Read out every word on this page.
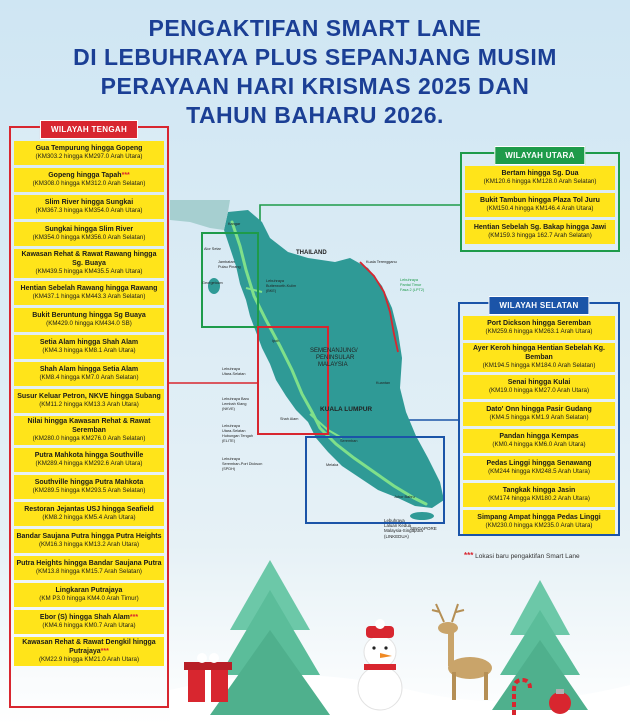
PENGAKTIFAN SMART LANE
DI LEBUHRAYA PLUS SEPANJANG MUSIM
PERAYAAN HARI KRISMAS 2025 DAN
TAHUN BAHARU 2026.
WILAYAH TENGAH
Gua Tempurung hingga Gopeng
(KM303.2 hingga KM297.0 Arah Utara)
Gopeng hingga Tapah***
(KM308.0 hingga KM312.0 Arah Selatan)
Slim River hingga Sungkai
(KM367.3 hingga KM354.0 Arah Utara)
Sungkai hingga Slim River
(KM354.0 hingga KM356.0 Arah Selatan)
Kawasan Rehat & Rawat Rawang hingga Sg. Buaya
(KM439.5 hingga KM435.5 Arah Utara)
Hentian Sebelah Rawang hingga Rawang
(KM437.1 hingga KM443.3 Arah Selatan)
Bukit Beruntung hingga Sg Buaya
(KM429.0 hingga KM434.0 SB)
Setia Alam hingga Shah Alam
(KM4.3 hingga KM8.1 Arah Utara)
Shah Alam hingga Setia Alam
(KM8.4 hingga KM7.0 Arah Selatan)
Susur Keluar Petron, NKVE hingga Subang
(KM11.2 hingga KM13.3 Arah Utara)
Nilai hingga Kawasan Rehat & Rawat Seremban
(KM280.0 hingga KM276.0 Arah Selatan)
Putra Mahkota hingga Southville
(KM289.4 hingga KM292.6 Arah Utara)
Southville hingga Putra Mahkota
(KM289.5 hingga KM293.5 Arah Selatan)
Restoran Jejantas USJ hingga Seafield
(KM8.2 hingga KM5.4 Arah Utara)
Bandar Saujana Putra hingga Putra Heights
(KM16.3 hingga KM13.2 Arah Utara)
Putra Heights hingga Bandar Saujana Putra
(KM13.8 hingga KM15.7 Arah Selatan)
Lingkaran Putrajaya
(KM P3.0 hingga KM4.0 Arah Timur)
Ebor (S) hingga Shah Alam***
(KM4.6 hingga KM0.7 Arah Utara)
Kawasan Rehat & Rawat Dengkil hingga Putrajaya***
(KM22.9 hingga KM21.0 Arah Utara)
WILAYAH UTARA
Bertam hingga Sg. Dua
(KM120.6 hingga KM128.0 Arah Selatan)
Bukit Tambun hingga Plaza Tol Juru
(KM150.4 hingga KM146.4 Arah Utara)
Hentian Sebelah Sg. Bakap hingga Jawi
(KM159.3 hingga 162.7 Arah Selatan)
WILAYAH SELATAN
Port Dickson hingga Seremban
(KM259.6 hingga KM263.1 Arah Utara)
Ayer Keroh hingga Hentian Sebelah Kg. Bemban
(KM194.5 hingga KM184.0 Arah Selatan)
Senai hingga Kulai
(KM19.0 hingga KM27.0 Arah Utara)
Dato' Onn hingga Pasir Gudang
(KM4.5 hingga KM1.9 Arah Selatan)
Pandan hingga Kempas
(KM0.4 hingga KM6.0 Arah Utara)
Pedas Linggi hingga Senawang
(KM244 hingga KM248.5 Arah Utara)
Tangkak hingga Jasin
(KM174 hingga KM180.2 Arah Utara)
Simpang Ampat hingga Pedas Linggi
(KM230.0 hingga KM235.0 Arah Utara)
THAILAND
SEMENANJUNG/
PENINSULAR
MALAYSIA
KUALA LUMPUR
SINGAPORE
Kangar
Alor Setar
Jambatan
Pulau Pinang
Georgetown	Lebuhraya
Butterworth-Kulim
(BKE)
Kuala Terengganu
Lebuhraya
Pantai Timur
Fasa 2 (LPT2)
Ipoh
Kuantan
Lebuhraya
Utara-Selatan
Lebuhraya Baru
Lembah Klang
(NKVE)
Lebuhraya
Utara-Selatan
Hubungan Tengah
(ELITE)
Shah Alam
Seremban
Lebuhraya
Seremban-Port Dickson
(SPDH)
Melaka
Johor Bahru
Lebuhraya
Laluan Kedua
Malaysia-Singapura
(LINKEDUA)
*** Lokasi baru pengaktifan Smart Lane
